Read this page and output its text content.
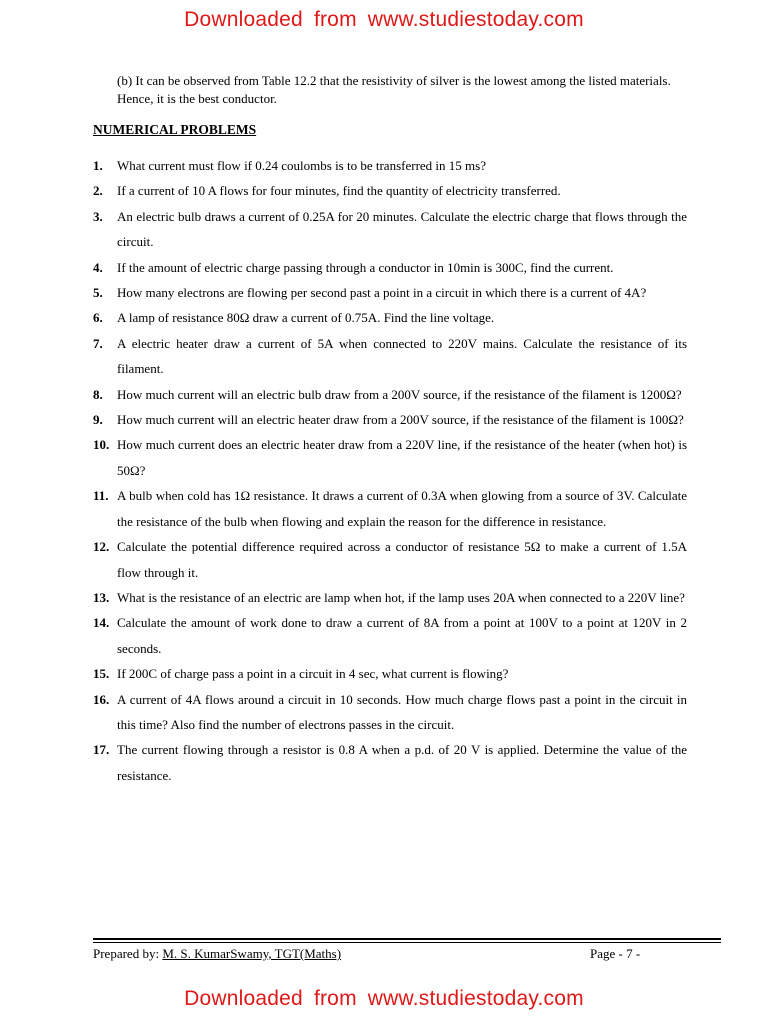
Downloaded from www.studiestoday.com

(b) It can be observed from Table 12.2 that the resistivity of silver is the lowest among the listed materials. Hence, it is the best conductor.

NUMERICAL PROBLEMS
1. What current must flow if 0.24 coulombs is to be transferred in 15 ms?
2. If a current of 10 A flows for four minutes, find the quantity of electricity transferred.
3. An electric bulb draws a current of 0.25A for 20 minutes. Calculate the electric charge that flows through the circuit.
4. If the amount of electric charge passing through a conductor in 10min is 300C, find the current.
5. How many electrons are flowing per second past a point in a circuit in which there is a current of 4A?
6. A lamp of resistance 80Ω draw a current of 0.75A. Find the line voltage.
7. A electric heater draw a current of 5A when connected to 220V mains. Calculate the resistance of its filament.
8. How much current will an electric bulb draw from a 200V source, if the resistance of the filament is 1200Ω?
9. How much current will an electric heater draw from a 200V source, if the resistance of the filament is 100Ω?
10. How much current does an electric heater draw from a 220V line, if the resistance of the heater (when hot) is 50Ω?
11. A bulb when cold has 1Ω resistance. It draws a current of 0.3A when glowing from a source of 3V. Calculate the resistance of the bulb when flowing and explain the reason for the difference in resistance.
12. Calculate the potential difference required across a conductor of resistance 5Ω to make a current of 1.5A flow through it.
13. What is the resistance of an electric are lamp when hot, if the lamp uses 20A when connected to a 220V line?
14. Calculate the amount of work done to draw a current of 8A from a point at 100V to a point at 120V in 2 seconds.
15. If 200C of charge pass a point in a circuit in 4 sec, what current is flowing?
16. A current of 4A flows around a circuit in 10 seconds. How much charge flows past a point in the circuit in this time? Also find the number of electrons passes in the circuit.
17. The current flowing through a resistor is 0.8 A when a p.d. of 20 V is applied. Determine the value of the resistance.
Prepared by: M. S. KumarSwamy, TGT(Maths)	Page - 7 -
Downloaded from www.studiestoday.com
